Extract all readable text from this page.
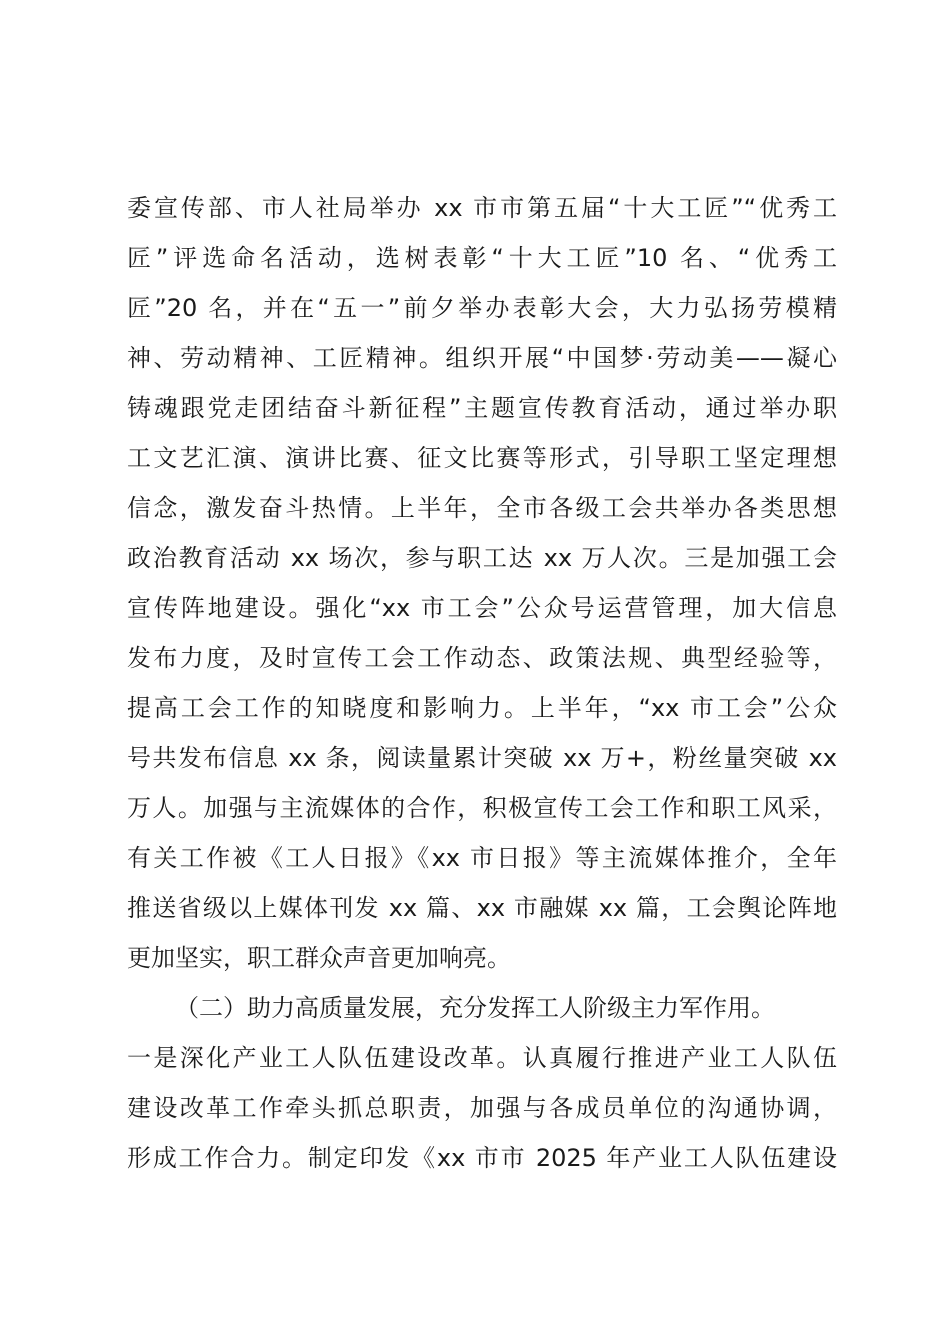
委宣传部、市人社局举办 xx 市市第五届“十大工匠”“优秀工
匠”评选命名活动，选树表彰“十大工匠”10 名、“优秀工
匠”20 名，并在“五一”前夕举办表彰大会，大力弘扬劳模精
神、劳动精神、工匠精神。组织开展“中国梦·劳动美——凝心
铸魂跟党走团结奋斗新征程”主题宣传教育活动，通过举办职
工文艺汇演、演讲比赛、征文比赛等形式，引导职工坚定理想
信念，激发奋斗热情。上半年，全市各级工会共举办各类思想
政治教育活动 xx 场次，参与职工达 xx 万人次。三是加强工会
宣传阵地建设。强化“xx 市工会”公众号运营管理，加大信息
发布力度，及时宣传工会工作动态、政策法规、典型经验等，
提高工会工作的知晓度和影响力。上半年，“xx 市工会”公众
号共发布信息 xx 条，阅读量累计突破 xx 万+，粉丝量突破 xx
万人。加强与主流媒体的合作，积极宣传工会工作和职工风采，
有关工作被《工人日报》《xx 市日报》等主流媒体推介，全年
推送省级以上媒体刊发 xx 篇、xx 市融媒 xx 篇，工会舆论阵地
更加坚实，职工群众声音更加响亮。
（二）助力高质量发展，充分发挥工人阶级主力军作用。
一是深化产业工人队伍建设改革。认真履行推进产业工人队伍
建设改革工作牵头抓总职责，加强与各成员单位的沟通协调，
形成工作合力。制定印发《xx 市市 2025 年产业工人队伍建设
